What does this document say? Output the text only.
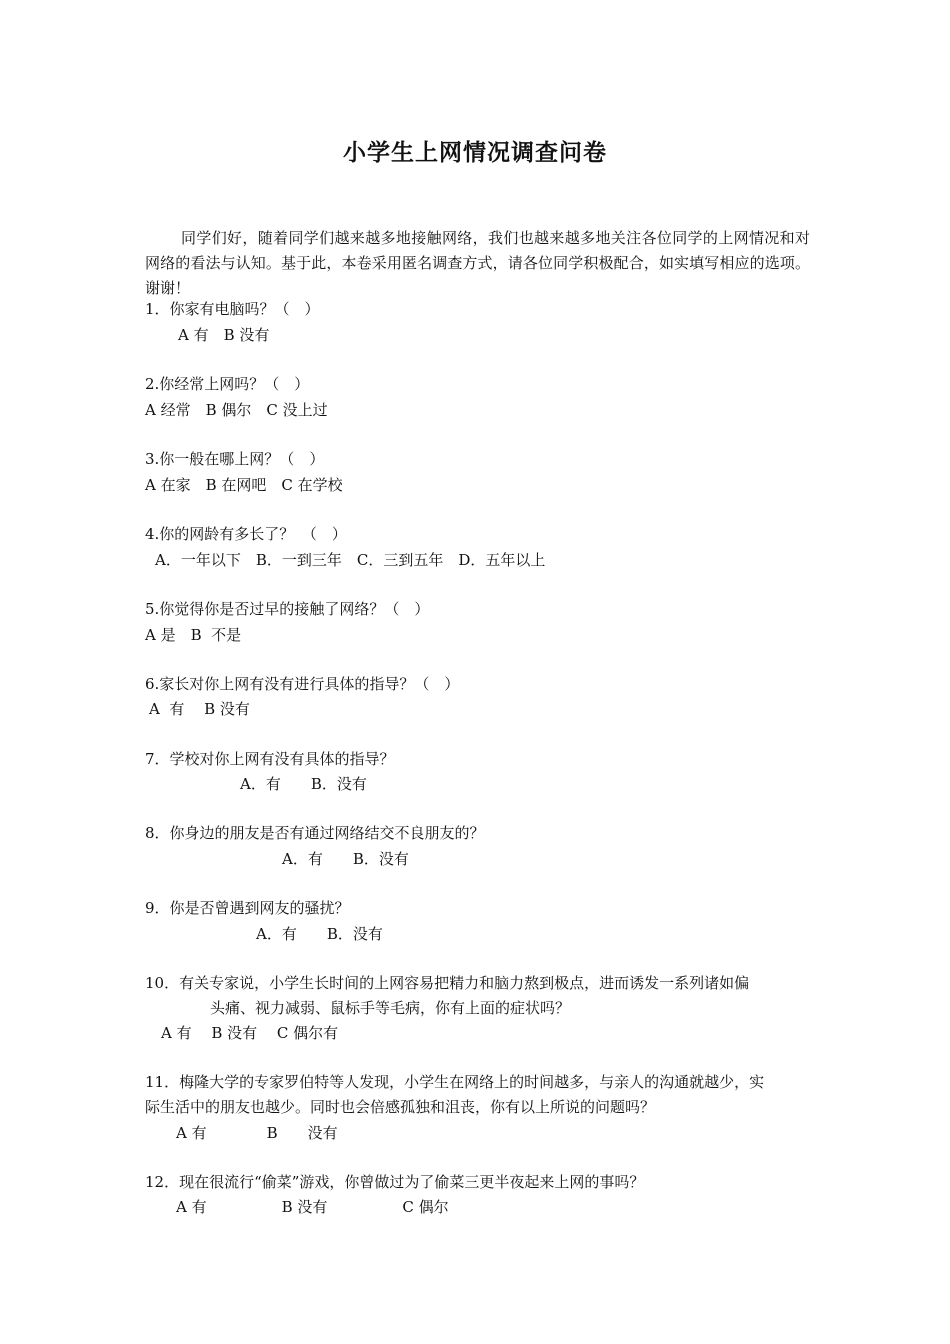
小学生上网情况调查问卷
同学们好，随着同学们越来越多地接触网络，我们也越来越多地关注各位同学的上网情况和对网络的看法与认知。基于此，本卷采用匿名调查方式，请各位同学积极配合，如实填写相应的选项。谢谢！
1．你家有电脑吗？（　）
A 有　B 没有
2.你经常上网吗？（　）
A 经常　B 偶尔　C 没上过
3.你一般在哪上网？（　）
A 在家　B 在网吧　C 在学校
4.你的网龄有多长了？　（　）
A．一年以下　B．一到三年　C．三到五年　D．五年以上
5.你觉得你是否过早的接触了网络？（　）
A 是　B  不是
6.家长对你上网有没有进行具体的指导？（　）
A  有　 B 没有
7．学校对你上网有没有具体的指导？
A．有　　B．没有
8．你身边的朋友是否有通过网络结交不良朋友的？
A．有　　B．没有
9．你是否曾遇到网友的骚扰？
A．有　　B．没有
10．有关专家说，小学生长时间的上网容易把精力和脑力熬到极点，进而诱发一系列诸如偏
头痛、视力减弱、鼠标手等毛病，你有上面的症状吗？
A 有　 B 没有　 C 偶尔有
11．梅隆大学的专家罗伯特等人发现，小学生在网络上的时间越多，与亲人的沟通就越少，实
际生活中的朋友也越少。同时也会倍感孤独和沮丧，你有以上所说的问题吗？
A 有　　　　B　　没有
12．现在很流行“偷菜”游戏，你曾做过为了偷菜三更半夜起来上网的事吗？
A 有　　　　　B 没有　　　　　C 偶尔
